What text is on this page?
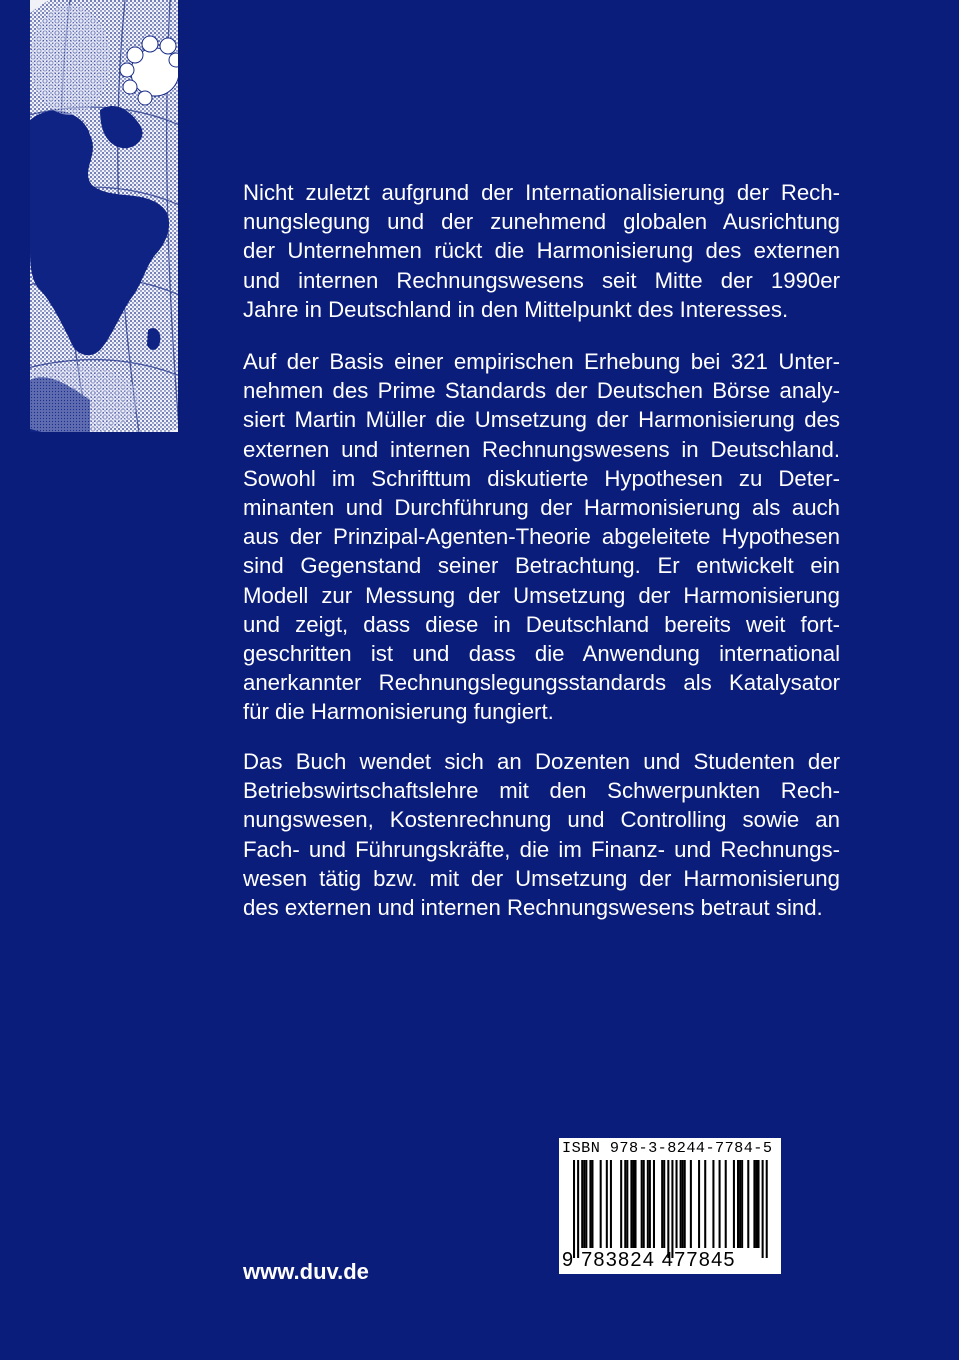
Nicht zuletzt aufgrund der Internationalisierung der Rech-
nungslegung und der zunehmend globalen Ausrichtung
der Unternehmen rückt die Harmonisierung des externen
und internen Rechnungswesens seit Mitte der 1990er
Jahre in Deutschland in den Mittelpunkt des Interesses.

Auf der Basis einer empirischen Erhebung bei 321 Unter-
nehmen des Prime Standards der Deutschen Börse analy-
siert Martin Müller die Umsetzung der Harmonisierung des
externen und internen Rechnungswesens in Deutschland.
Sowohl im Schrifttum diskutierte Hypothesen zu Deter-
minanten und Durchführung der Harmonisierung als auch
aus der Prinzipal-Agenten-Theorie abgeleitete Hypothesen
sind Gegenstand seiner Betrachtung. Er entwickelt ein
Modell zur Messung der Umsetzung der Harmonisierung
und zeigt, dass diese in Deutschland bereits weit fort-
geschritten ist und dass die Anwendung international
anerkannter Rechnungslegungsstandards als Katalysator
für die Harmonisierung fungiert.

Das Buch wendet sich an Dozenten und Studenten der
Betriebswirtschaftslehre mit den Schwerpunkten Rech-
nungswesen, Kostenrechnung und Controlling sowie an
Fach- und Führungskräfte, die im Finanz- und Rechnungs-
wesen tätig bzw. mit der Umsetzung der Harmonisierung
des externen und internen Rechnungswesens betraut sind.

www.duv.de
ISBN 978-3-8244-7784-5
9 783824 477845
